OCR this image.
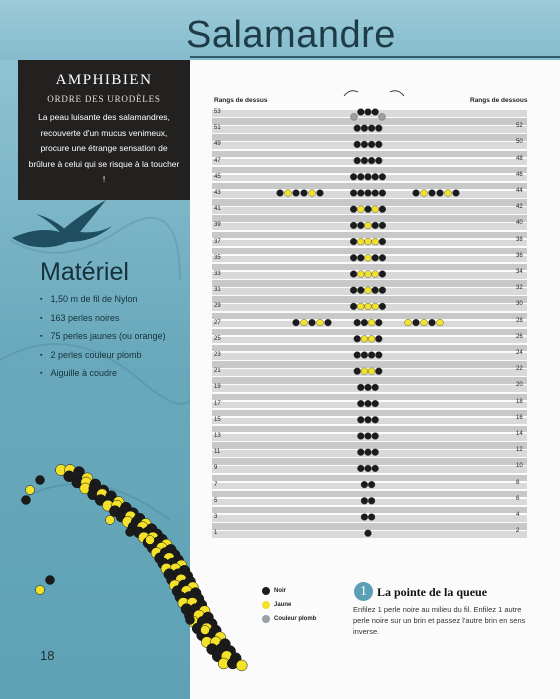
Salamandre
AMPHIBIEN
ORDRE DES URODÈLES
La peau luisante des salamandres, recouverte d'un mucus venimeux, procure une étrange sensation de brûlure à celui qui se risque à la toucher !
Matériel
▪ 1,50 m de fil de Nylon
▪ 163 perles noires
▪ 75 perles jaunes (ou orange)
▪ 2 perles couleur plomb
▪ Aiguille à coudre
18
Rangs de dessus	Rangs de dessous
53
51
49
47
45
43
41
39
37
35
33
31
29
27
25
23
21
19
17
15
13
11
9
7
5
3
1
52
50
48
46
44
42
40
38
36
34
32
30
28
26
24
22
20
18
16
14
12
10
8
6
4
2
Noir
Jaune
Couleur plomb
1 La pointe de la queue
Enfilez 1 perle noire au milieu du fil. Enfilez 1 autre perle noire sur un brin et passez l'autre brin en sens inverse.
